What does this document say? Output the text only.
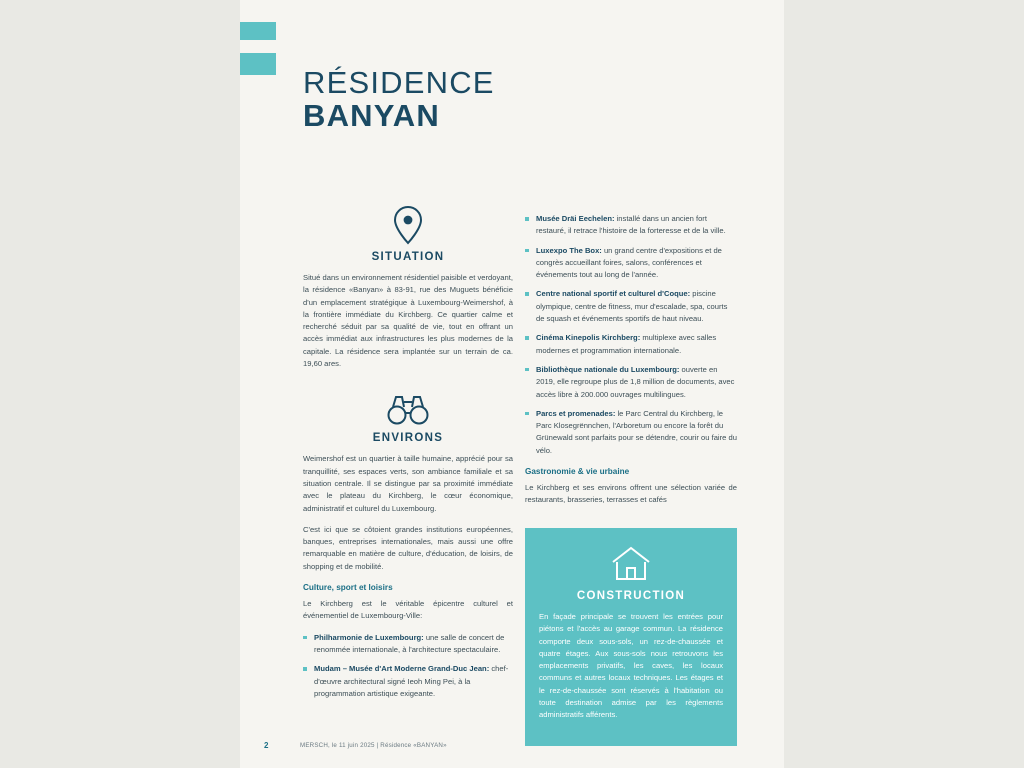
RÉSIDENCE
BANYAN
SITUATION

Situé dans un environnement résidentiel paisible et verdoyant, la résidence «Banyan» à 83-91, rue des Muguets bénéficie d'un emplacement stratégique à Luxembourg-Weimershof, à la frontière immédiate du Kirchberg. Ce quartier calme et recherché séduit par sa qualité de vie, tout en offrant un accès immédiat aux infrastructures les plus modernes de la capitale. La résidence sera implantée sur un terrain de ca. 19,60 ares.

ENVIRONS

Weimershof est un quartier à taille humaine, apprécié pour sa tranquillité, ses espaces verts, son ambiance familiale et sa situation centrale. Il se distingue par sa proximité immédiate avec le plateau du Kirchberg, le cœur économique, administratif et culturel du Luxembourg.

C'est ici que se côtoient grandes institutions européennes, banques, entreprises internationales, mais aussi une offre remarquable en matière de culture, d'éducation, de loisirs, de shopping et de mobilité.

Culture, sport et loisirs

Le Kirchberg est le véritable épicentre culturel et événementiel de Luxembourg-Ville:

Philharmonie de Luxembourg: une salle de concert de renommée internationale, à l'architecture spectaculaire.
Mudam – Musée d'Art Moderne Grand-Duc Jean: chef-d'œuvre architectural signé Ieoh Ming Pei, à la programmation artistique exigeante.
Musée Dräi Eechelen: installé dans un ancien fort restauré, il retrace l'histoire de la forteresse et de la ville.
Luxexpo The Box: un grand centre d'expositions et de congrès accueillant foires, salons, conférences et événements tout au long de l'année.
Centre national sportif et culturel d'Coque: piscine olympique, centre de fitness, mur d'escalade, spa, courts de squash et événements sportifs de haut niveau.
Cinéma Kinepolis Kirchberg: multiplexe avec salles modernes et programmation internationale.
Bibliothèque nationale du Luxembourg: ouverte en 2019, elle regroupe plus de 1,8 million de documents, avec accès libre à 200.000 ouvrages multilingues.
Parcs et promenades: le Parc Central du Kirchberg, le Parc Klosegrënnchen, l'Arboretum ou encore la forêt du Grünewald sont parfaits pour se détendre, courir ou faire du vélo.
Gastronomie & vie urbaine

Le Kirchberg et ses environs offrent une sélection variée de restaurants, brasseries, terrasses et cafés

CONSTRUCTION

En façade principale se trouvent les entrées pour piétons et l'accès au garage commun. La résidence comporte deux sous-sols, un rez-de-chaussée et quatre étages. Aux sous-sols nous retrouvons les emplacements privatifs, les caves, les locaux communs et autres locaux techniques. Les étages et le rez-de-chaussée sont réservés à l'habitation ou toute destination admise par les règlements administratifs afférents.

2	MERSCH, le 11 juin 2025 | Résidence «BANYAN»
